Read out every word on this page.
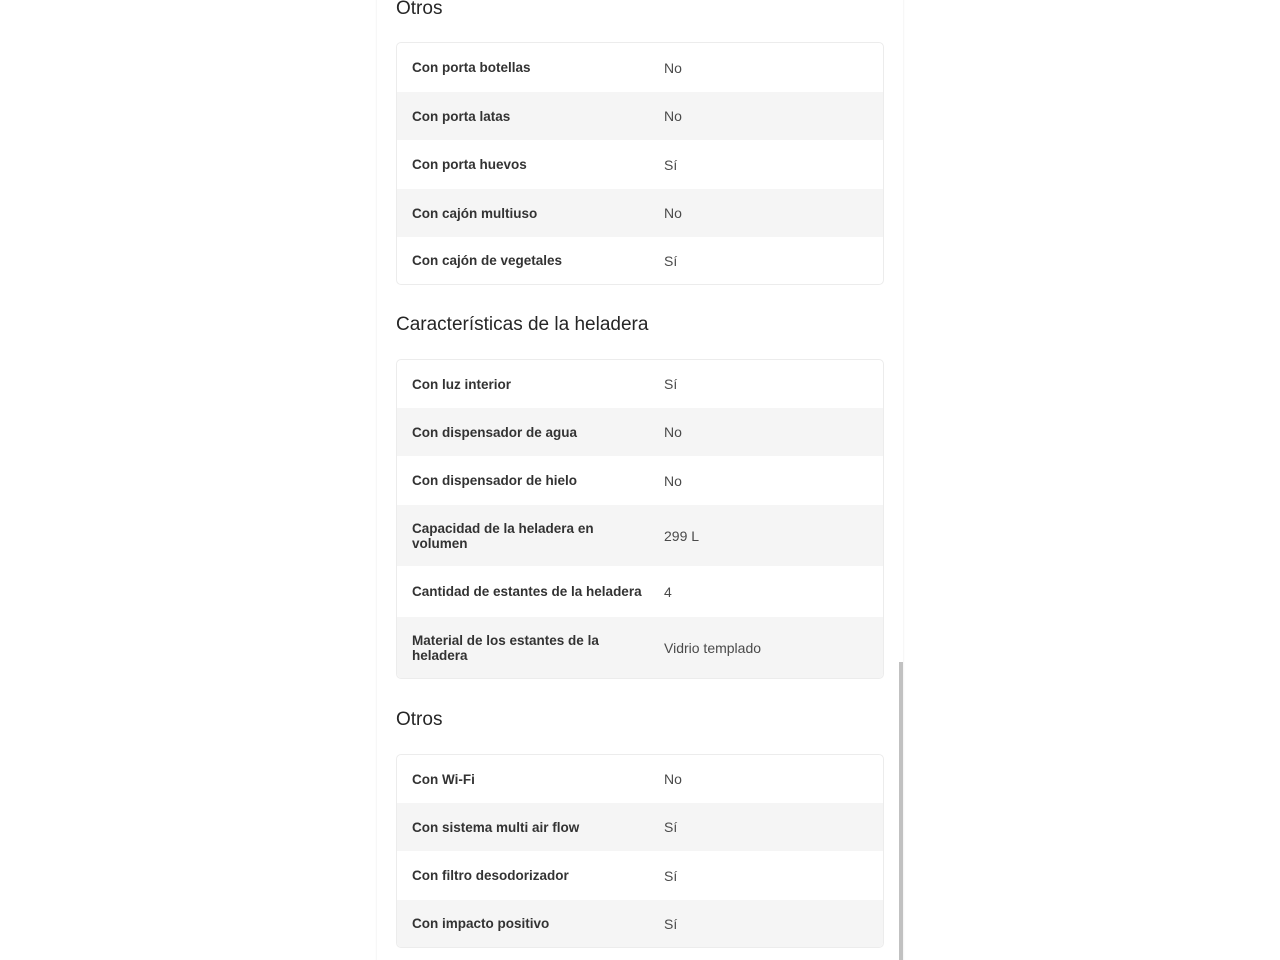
Otros
Con porta botellas	No
Con porta latas	No
Con porta huevos	Sí
Con cajón multiuso	No
Con cajón de vegetales	Sí
Características de la heladera
Con luz interior	Sí
Con dispensador de agua	No
Con dispensador de hielo	No
Capacidad de la heladera en volumen	299 L
Cantidad de estantes de la heladera	4
Material de los estantes de la heladera	Vidrio templado
Otros
Con Wi-Fi	No
Con sistema multi air flow	Sí
Con filtro desodorizador	Sí
Con impacto positivo	Sí
